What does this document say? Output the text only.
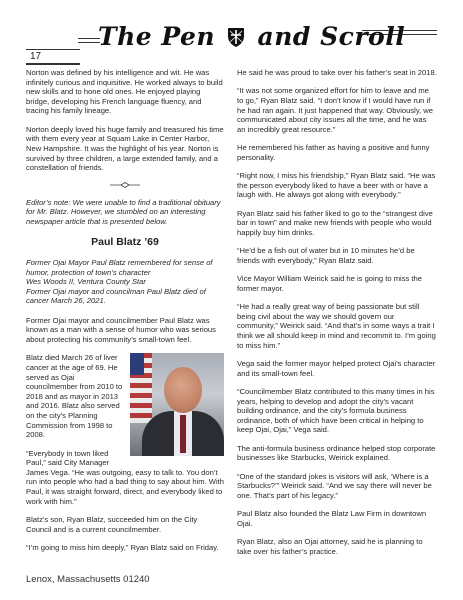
17
The Pen and Scroll

Norton was defined by his intelligence and wit. He was infinitely curious and inquisitive. He worked always to build new skills and to hone old ones. He enjoyed playing bridge, developing his French language fluency, and tracing his family lineage.

Norton deeply loved his huge family and treasured his time with them every year at Squam Lake in Center Harbor, New Hampshire. It was the highlight of his year. Norton is survived by three children, a large extended family, and a constellation of friends.

Editor’s note: We were unable to find a traditional obituary for Mr. Blatz. However, we stumbled on an interesting newspaper article that is presented below.

Paul Blatz ’69

Former Ojai Mayor Paul Blatz remembered for sense of humor, protection of town’s character
Wes Woods II, Ventura County Star
Former Ojai mayor and councilman Paul Blatz died of cancer March 26, 2021.

Former Ojai mayor and councilmember Paul Blatz was known as a man with a sense of humor who was serious about protecting his community’s small-town feel.

Blatz died March 26 of liver cancer at the age of 69. He served as Ojai councilmember from 2010 to 2018 and as mayor in 2013 and 2016. Blatz also served on the city’s Planning Commission from 1998 to 2008.

“Everybody in town liked Paul,” said City Manager James Vega. “He was outgoing, easy to talk to. You don’t run into people who had a bad thing to say about him. With Paul, it was straight forward, direct, and everybody liked to work with him.”

Blatz’s son, Ryan Blatz, succeeded him on the City Council and is a current councilmember.

“I’m going to miss him deeply,” Ryan Blatz said on Friday.

He said he was proud to take over his father’s seat in 2018.

“It was not some organized effort for him to leave and me to go,” Ryan Blatz said. “I don’t know if I would have run if he had ran again. It just happened that way. Obviously, we communicated about city issues all the time, and he was an incredibly great resource.”

He remembered his father as having a positive and funny personality.

“Right now, I miss his friendship,” Ryan Blatz said. “He was the person everybody liked to have a beer with or have a laugh with. He always got along with everybody.”

Ryan Blatz said his father liked to go to the “strangest dive bar in town” and make new friends with people who would happily buy him drinks.

“He’d be a fish out of water but in 10 minutes he’d be friends with everybody,” Ryan Blatz said.

Vice Mayor William Weirick said he is going to miss the former mayor.

“He had a really great way of being passionate but still being civil about the way we should govern our community,” Weirick said. “And that’s in some ways a trait I think we all should keep in mind and recommit to. I’m going to miss him.”

Vega said the former mayor helped protect Ojai’s character and its small-town feel.

“Councilmember Blatz contributed to this many times in his years, helping to develop and adopt the city’s vacant building ordinance, and the city’s formula business ordinance, both of which have been critical in helping to keep Ojai, Ojai,” Vega said.

The anti-formula business ordinance helped stop corporate businesses like Starbucks, Weirick explained.

“One of the standard jokes is visitors will ask, ‘Where is a Starbucks?’” Weirick said. “And we say there will never be one. That’s part of his legacy.”

Paul Blatz also founded the Blatz Law Firm in downtown Ojai.

Ryan Blatz, also an Ojai attorney, said he is planning to take over his father’s practice.

Lenox, Massachusetts 01240
